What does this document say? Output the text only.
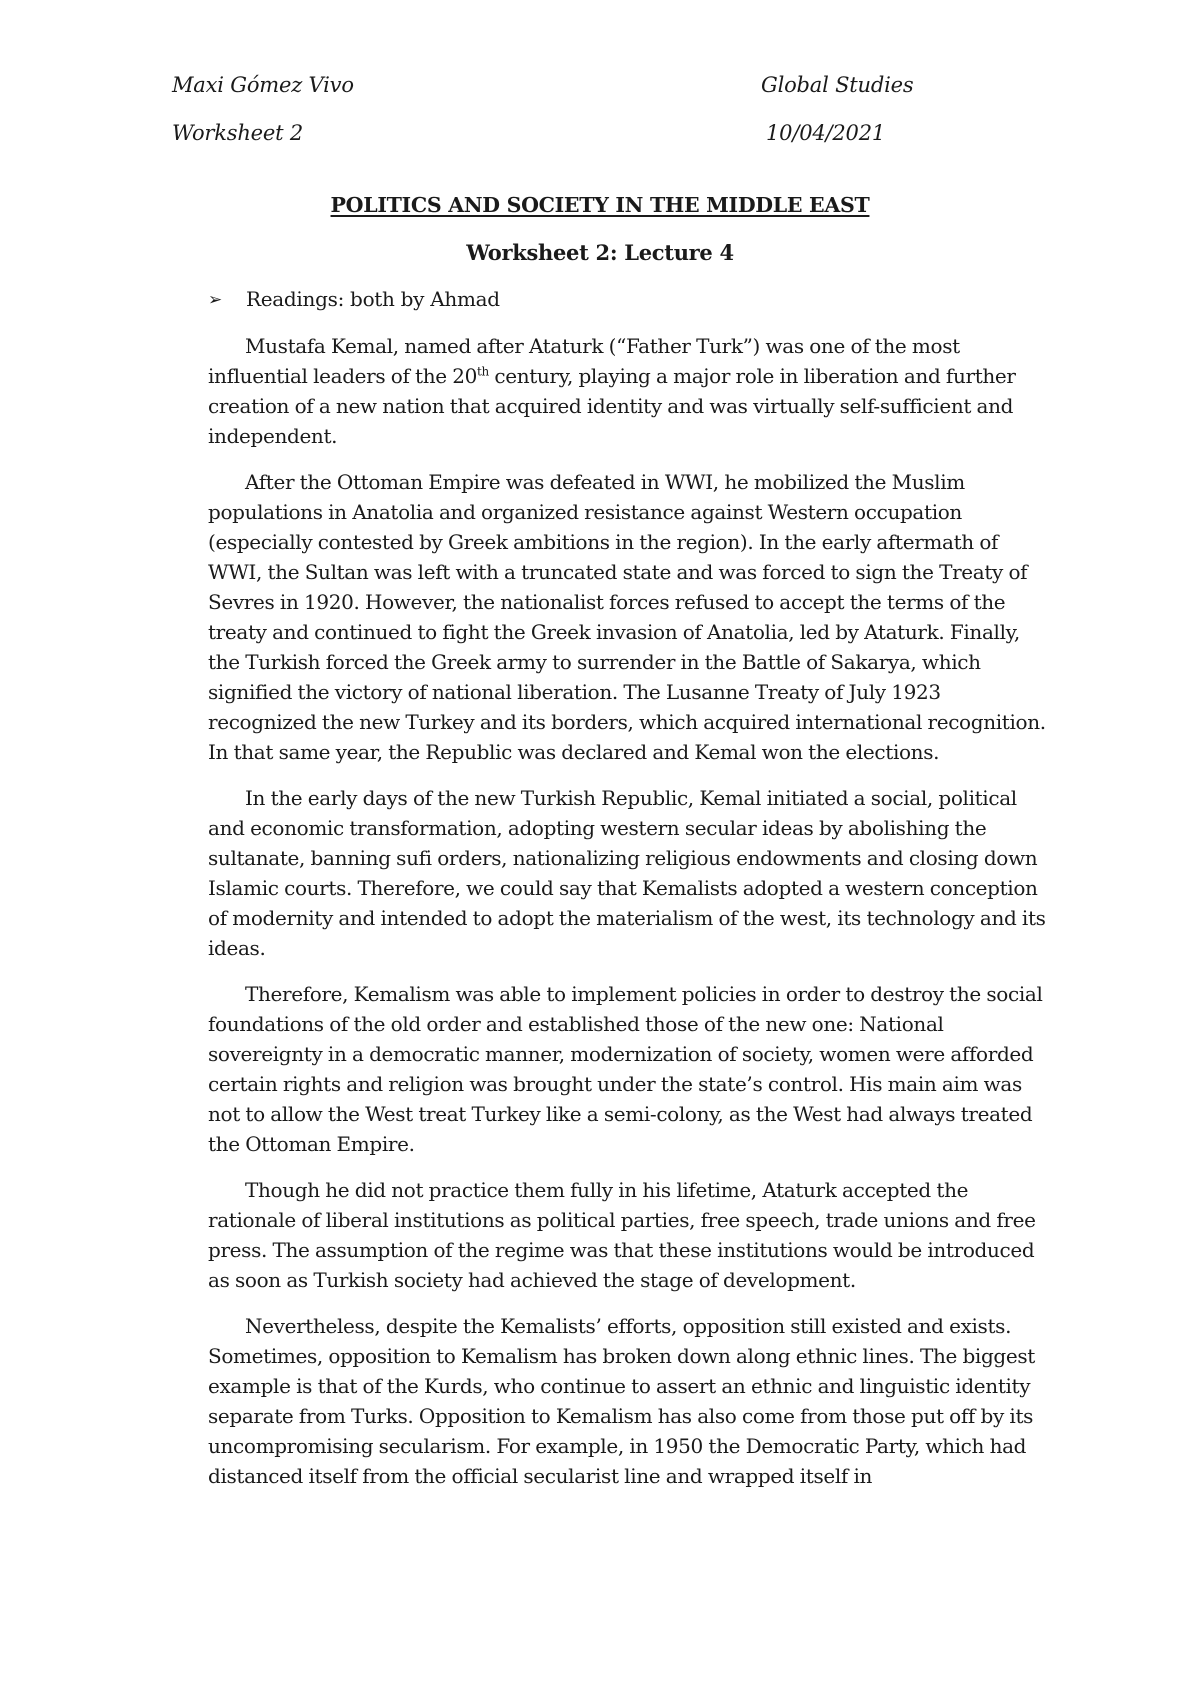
Maxi Gómez Vivo	Global Studies
Worksheet 2	10/04/2021
POLITICS AND SOCIETY IN THE MIDDLE EAST
Worksheet 2: Lecture 4
➢ Readings: both by Ahmad

Mustafa Kemal, named after Ataturk (“Father Turk”) was one of the most influential leaders of the 20th century, playing a major role in liberation and further creation of a new nation that acquired identity and was virtually self-sufficient and independent.

After the Ottoman Empire was defeated in WWI, he mobilized the Muslim populations in Anatolia and organized resistance against Western occupation (especially contested by Greek ambitions in the region). In the early aftermath of WWI, the Sultan was left with a truncated state and was forced to sign the Treaty of Sevres in 1920. However, the nationalist forces refused to accept the terms of the treaty and continued to fight the Greek invasion of Anatolia, led by Ataturk. Finally, the Turkish forced the Greek army to surrender in the Battle of Sakarya, which signified the victory of national liberation. The Lusanne Treaty of July 1923 recognized the new Turkey and its borders, which acquired international recognition. In that same year, the Republic was declared and Kemal won the elections.

In the early days of the new Turkish Republic, Kemal initiated a social, political and economic transformation, adopting western secular ideas by abolishing the sultanate, banning sufi orders, nationalizing religious endowments and closing down Islamic courts. Therefore, we could say that Kemalists adopted a western conception of modernity and intended to adopt the materialism of the west, its technology and its ideas.

Therefore, Kemalism was able to implement policies in order to destroy the social foundations of the old order and established those of the new one: National sovereignty in a democratic manner, modernization of society, women were afforded certain rights and religion was brought under the state’s control. His main aim was not to allow the West treat Turkey like a semi-colony, as the West had always treated the Ottoman Empire.

Though he did not practice them fully in his lifetime, Ataturk accepted the rationale of liberal institutions as political parties, free speech, trade unions and free press. The assumption of the regime was that these institutions would be introduced as soon as Turkish society had achieved the stage of development.

Nevertheless, despite the Kemalists’ efforts, opposition still existed and exists. Sometimes, opposition to Kemalism has broken down along ethnic lines. The biggest example is that of the Kurds, who continue to assert an ethnic and linguistic identity separate from Turks. Opposition to Kemalism has also come from those put off by its uncompromising secularism. For example, in 1950 the Democratic Party, which had distanced itself from the official secularist line and wrapped itself in
